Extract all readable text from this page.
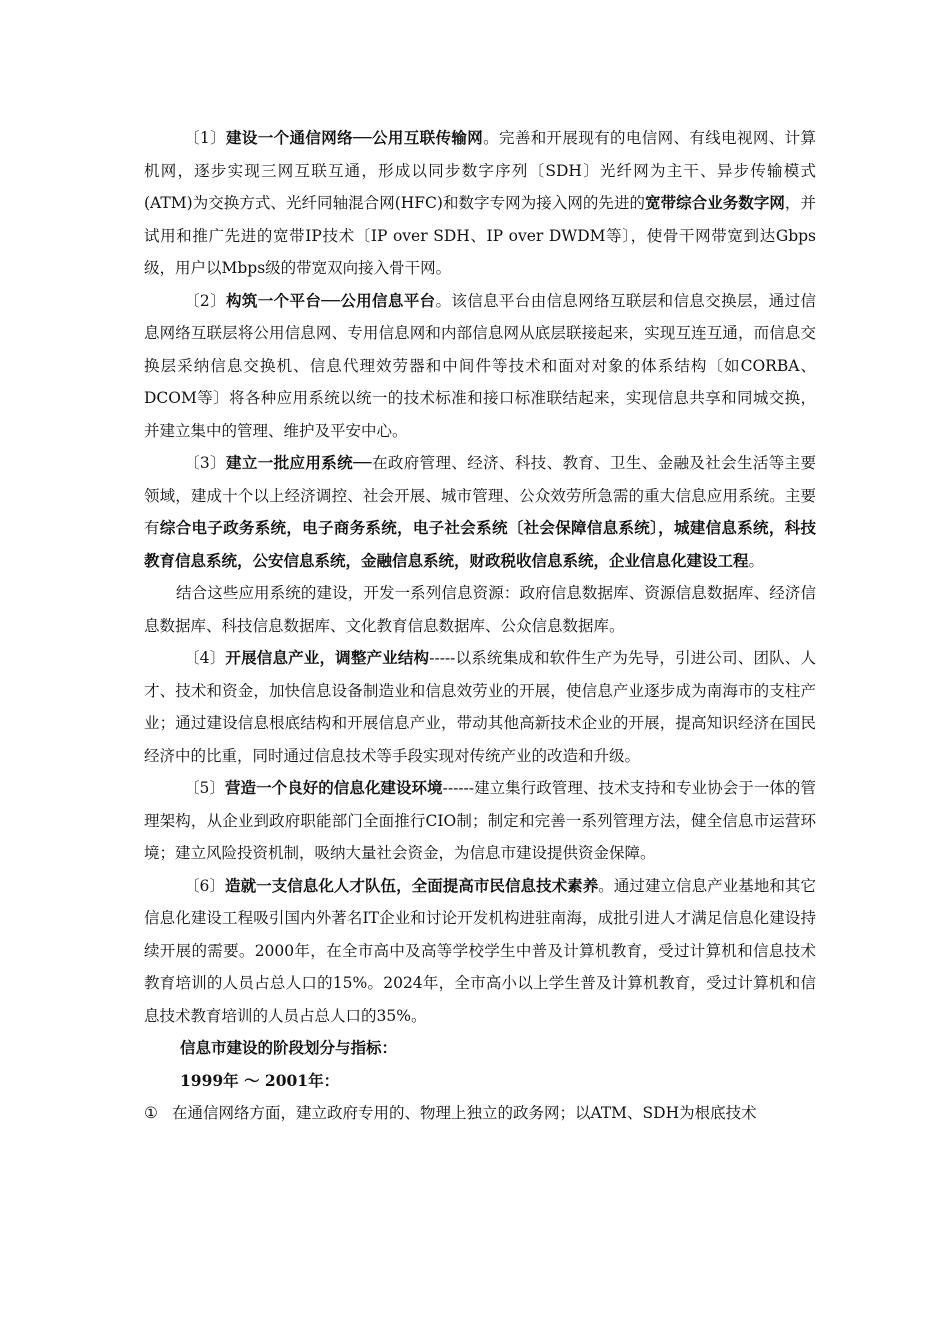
〔1〕建设一个通信网络──公用互联传输网。完善和开展现有的电信网、有线电视网、计算机网，逐步实现三网互联互通，形成以同步数字序列〔SDH〕光纤网为主干、异步传输模式(ATM)为交换方式、光纤同轴混合网(HFC)和数字专网为接入网的先进的宽带综合业务数字网，并试用和推广先进的宽带IP技术〔IP over SDH、IP over DWDM等〕，使骨干网带宽到达Gbps级，用户以Mbps级的带宽双向接入骨干网。

〔2〕构筑一个平台──公用信息平台。该信息平台由信息网络互联层和信息交换层，通过信息网络互联层将公用信息网、专用信息网和内部信息网从底层联接起来，实现互连互通，而信息交换层采纳信息交换机、信息代理效劳器和中间件等技术和面对对象的体系结构〔如CORBA、DCOM等〕将各种应用系统以统一的技术标准和接口标准联结起来，实现信息共享和同城交换，并建立集中的管理、维护及平安中心。

〔3〕建立一批应用系统──在政府管理、经济、科技、教育、卫生、金融及社会生活等主要领域，建成十个以上经济调控、社会开展、城市管理、公众效劳所急需的重大信息应用系统。主要有综合电子政务系统，电子商务系统，电子社会系统〔社会保障信息系统〕，城建信息系统，科技教育信息系统，公安信息系统，金融信息系统，财政税收信息系统，企业信息化建设工程。

结合这些应用系统的建设，开发一系列信息资源：政府信息数据库、资源信息数据库、经济信息数据库、科技信息数据库、文化教育信息数据库、公众信息数据库。

〔4〕开展信息产业，调整产业结构-----以系统集成和软件生产为先导，引进公司、团队、人才、技术和资金，加快信息设备制造业和信息效劳业的开展，使信息产业逐步成为南海市的支柱产业；通过建设信息根底结构和开展信息产业，带动其他高新技术企业的开展，提高知识经济在国民经济中的比重，同时通过信息技术等手段实现对传统产业的改造和升级。

〔5〕营造一个良好的信息化建设环境------建立集行政管理、技术支持和专业协会于一体的管理架构，从企业到政府职能部门全面推行CIO制；制定和完善一系列管理方法，健全信息市运营环境；建立风险投资机制，吸纳大量社会资金，为信息市建设提供资金保障。

〔6〕造就一支信息化人才队伍，全面提高市民信息技术素养。通过建立信息产业基地和其它信息化建设工程吸引国内外著名IT企业和讨论开发机构进驻南海，成批引进人才满足信息化建设持续开展的需要。2000年，在全市高中及高等学校学生中普及计算机教育，受过计算机和信息技术教育培训的人员占总人口的15%。2024年，全市高小以上学生普及计算机教育，受过计算机和信息技术教育培训的人员占总人口的35%。

信息市建设的阶段划分与指标：

1999年 ～ 2001年：

① 在通信网络方面，建立政府专用的、物理上独立的政务网；以ATM、SDH为根底技术
